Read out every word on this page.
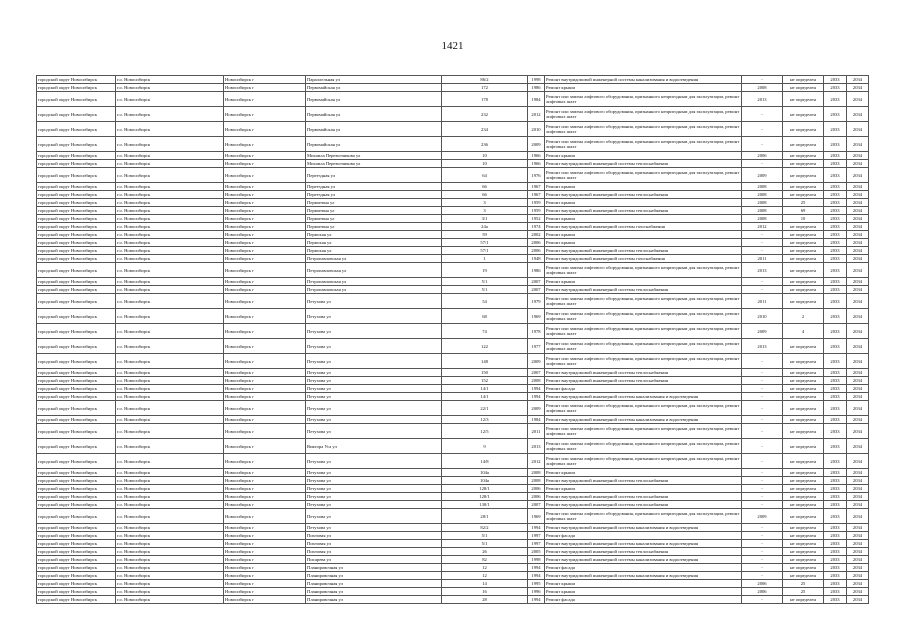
1421
городской округ Новосибирск	г.о. Новосибирск	Новосибирск г	Параллельная ул	86/2	1998	Ремонт внутридомовой инженерной системы канализования и водоотведения	-	не определен	2033	2034
городской округ Новосибирск	г.о. Новосибирск	Новосибирск г	Первомайская ул	172	1986	Ремонт крыши	2008	не определен	2033	2034
городской округ Новосибирск	г.о. Новосибирск	Новосибирск г	Первомайская ул	178	1984	Ремонт или замена лифтового оборудования, признанного непригодным для эксплуатации, ремонт лифтовых шахт	2013	не определен	2033	2034
городской округ Новосибирск	г.о. Новосибирск	Новосибирск г	Первомайская ул	232	2012	Ремонт или замена лифтового оборудования, признанного непригодным для эксплуатации, ремонт лифтовых шахт	-	не определен	2033	2034
городской округ Новосибирск	г.о. Новосибирск	Новосибирск г	Первомайская ул	234	2010	Ремонт или замена лифтового оборудования, признанного непригодным для эксплуатации, ремонт лифтовых шахт	-	не определен	2033	2034
городской округ Новосибирск	г.о. Новосибирск	Новосибирск г	Первомайская ул	236	2009	Ремонт или замена лифтового оборудования, признанного непригодным для эксплуатации, ремонт лифтовых шахт	-	не определен	2033	2034
городской округ Новосибирск	г.о. Новосибирск	Новосибирск г	Михаила Перевозчикова ул	10	1966	Ремонт крыши	2006	не определен	2033	2034
городской округ Новосибирск	г.о. Новосибирск	Новосибирск г	Михаила Перевозчикова ул	10	1966	Ремонт внутридомовой инженерной системы теплоснабжения	-	не определен	2033	2034
городской округ Новосибирск	г.о. Новосибирск	Новосибирск г	Переездная ул	64	1976	Ремонт или замена лифтового оборудования, признанного непригодным для эксплуатации, ремонт лифтовых шахт	2009	не определен	2033	2034
городской округ Новосибирск	г.о. Новосибирск	Новосибирск г	Переездная ул	66	1967	Ремонт крыши	2008	не определен	2033	2034
городской округ Новосибирск	г.о. Новосибирск	Новосибирск г	Переездная ул	66	1967	Ремонт внутридомовой инженерной системы теплоснабжения	2008	не определен	2033	2034
городской округ Новосибирск	г.о. Новосибирск	Новосибирск г	Пермитина ул	3	1959	Ремонт крыши	2008	25	2033	2034
городской округ Новосибирск	г.о. Новосибирск	Новосибирск г	Пермитина ул	3	1959	Ремонт внутридомовой инженерной системы теплоснабжения	2008	69	2033	2034
городской округ Новосибирск	г.о. Новосибирск	Новосибирск г	Пермитина ул	3/1	1952	Ремонт крыши	2008	10	2033	2034
городской округ Новосибирск	г.о. Новосибирск	Новосибирск г	Пермитина ул	24а	1974	Ремонт внутридомовой инженерной системы газоснабжения	2012	не определен	2033	2034
городской округ Новосибирск	г.о. Новосибирск	Новосибирск г	Пермская ул	59	2002	Ремонт крыши	-	не определен	2033	2034
городской округ Новосибирск	г.о. Новосибирск	Новосибирск г	Пермская ул	57/1	2006	Ремонт крыши	-	не определен	2033	2034
городской округ Новосибирск	г.о. Новосибирск	Новосибирск г	Пермская ул	57/1	2006	Ремонт внутридомовой инженерной системы теплоснабжения	-	не определен	2033	2034
городской округ Новосибирск	г.о. Новосибирск	Новосибирск г	Петропавловская ул	1	1948	Ремонт внутридомовой инженерной системы газоснабжения	2011	не определен	2033	2034
городской округ Новосибирск	г.о. Новосибирск	Новосибирск г	Петропавловская ул	19	1986	Ремонт или замена лифтового оборудования, признанного непригодным для эксплуатации, ремонт лифтовых шахт	2013	не определен	2033	2034
городской округ Новосибирск	г.о. Новосибирск	Новосибирск г	Петропавловская ул	5/1	2007	Ремонт крыши	-	не определен	2033	2034
городской округ Новосибирск	г.о. Новосибирск	Новосибирск г	Петропавловская ул	5/1	2007	Ремонт внутридомовой инженерной системы теплоснабжения	-	не определен	2033	2034
городской округ Новосибирск	г.о. Новосибирск	Новосибирск г	Петухова ул	54	1979	Ремонт или замена лифтового оборудования, признанного непригодным для эксплуатации, ремонт лифтовых шахт	2011	не определен	2033	2034
городской округ Новосибирск	г.о. Новосибирск	Новосибирск г	Петухова ул	68	1969	Ремонт или замена лифтового оборудования, признанного непригодным для эксплуатации, ремонт лифтовых шахт	2010	2	2033	2034
городской округ Новосибирск	г.о. Новосибирск	Новосибирск г	Петухова ул	74	1978	Ремонт или замена лифтового оборудования, признанного непригодным для эксплуатации, ремонт лифтовых шахт	2009	4	2033	2034
городской округ Новосибирск	г.о. Новосибирск	Новосибирск г	Петухова ул	122	1977	Ремонт или замена лифтового оборудования, признанного непригодным для эксплуатации, ремонт лифтовых шахт	2013	не определен	2033	2034
городской округ Новосибирск	г.о. Новосибирск	Новосибирск г	Петухова ул	148	2009	Ремонт или замена лифтового оборудования, признанного непригодным для эксплуатации, ремонт лифтовых шахт	-	не определен	2033	2034
городской округ Новосибирск	г.о. Новосибирск	Новосибирск г	Петухова ул	150	2007	Ремонт внутридомовой инженерной системы теплоснабжения	-	не определен	2033	2034
городской округ Новосибирск	г.о. Новосибирск	Новосибирск г	Петухова ул	152	2008	Ремонт внутридомовой инженерной системы теплоснабжения	-	не определен	2033	2034
городской округ Новосибирск	г.о. Новосибирск	Новосибирск г	Петухова ул	14/1	1994	Ремонт фасада	-	не определен	2033	2034
городской округ Новосибирск	г.о. Новосибирск	Новосибирск г	Петухова ул	14/1	1994	Ремонт внутридомовой инженерной системы канализования и водоотведения	-	не определен	2033	2034
городской округ Новосибирск	г.о. Новосибирск	Новосибирск г	Петухова ул	22/1	2009	Ремонт или замена лифтового оборудования, признанного непригодным для эксплуатации, ремонт лифтовых шахт	-	не определен	2033	2034
городской округ Новосибирск	г.о. Новосибирск	Новосибирск г	Петухова ул	12/3	1984	Ремонт внутридомовой инженерной системы канализования и водоотведения	-	не определен	2033	2034
городской округ Новосибирск	г.о. Новосибирск	Новосибирск г	Петухова ул	12/5	2011	Ремонт или замена лифтового оборудования, признанного непригодным для эксплуатации, ремонт лифтовых шахт	-	не определен	2033	2034
городской округ Новосибирск	г.о. Новосибирск	Новосибирск г	Виктора Уса ул	9	2013	Ремонт или замена лифтового оборудования, признанного непригодным для эксплуатации, ремонт лифтовых шахт	-	не определен	2033	2034
городской округ Новосибирск	г.о. Новосибирск	Новосибирск г	Петухова ул	14/8	2012	Ремонт или замена лифтового оборудования, признанного непригодным для эксплуатации, ремонт лифтовых шахт	-	не определен	2033	2034
городской округ Новосибирск	г.о. Новосибирск	Новосибирск г	Петухова ул	104а	2008	Ремонт крыши	-	не определен	2033	2034
городской округ Новосибирск	г.о. Новосибирск	Новосибирск г	Петухова ул	104а	2008	Ремонт внутридомовой инженерной системы теплоснабжения	-	не определен	2033	2034
городской округ Новосибирск	г.о. Новосибирск	Новосибирск г	Петухова ул	128/1	2006	Ремонт крыши	-	не определен	2033	2034
городской округ Новосибирск	г.о. Новосибирск	Новосибирск г	Петухова ул	128/1	2006	Ремонт внутридомовой инженерной системы теплоснабжения	-	не определен	2033	2034
городской округ Новосибирск	г.о. Новосибирск	Новосибирск г	Петухова ул	130/1	2007	Ремонт внутридомовой инженерной системы теплоснабжения	-	не определен	2033	2034
городской округ Новосибирск	г.о. Новосибирск	Новосибирск г	Петухова ул	28/1	1969	Ремонт или замена лифтового оборудования, признанного непригодным для эксплуатации, ремонт лифтовых шахт	2009	не определен	2033	2034
городской округ Новосибирск	г.о. Новосибирск	Новосибирск г	Петухова ул	82/2	1994	Ремонт внутридомовой инженерной системы канализования и водоотведения	-	не определен	2033	2034
городской округ Новосибирск	г.о. Новосибирск	Новосибирск г	Пихтовая ул	5/1	1997	Ремонт фасада	-	не определен	2033	2034
городской округ Новосибирск	г.о. Новосибирск	Новосибирск г	Пихтовая ул	5/1	1997	Ремонт внутридомовой инженерной системы канализования и водоотведения	-	не определен	2033	2034
городской округ Новосибирск	г.о. Новосибирск	Новосибирск г	Пихтовая ул	26	2005	Ремонт внутридомовой инженерной системы теплоснабжения	-	не определен	2033	2034
городской округ Новосибирск	г.о. Новосибирск	Новосибирск г	Писарева ул	82	1998	Ремонт внутридомовой инженерной системы канализования и водоотведения	-	не определен	2033	2034
городской округ Новосибирск	г.о. Новосибирск	Новосибирск г	Планировочная ул	12	1994	Ремонт фасада	-	не определен	2033	2034
городской округ Новосибирск	г.о. Новосибирск	Новосибирск г	Планировочная ул	12	1994	Ремонт внутридомовой инженерной системы канализования и водоотведения	-	не определен	2033	2034
городской округ Новосибирск	г.о. Новосибирск	Новосибирск г	Планировочная ул	14	1995	Ремонт крыши	2006	25	2033	2034
городской округ Новосибирск	г.о. Новосибирск	Новосибирск г	Планировочная ул	16	1996	Ремонт крыши	2006	25	2033	2034
городской округ Новосибирск	г.о. Новосибирск	Новосибирск г	Планировочная ул	28	1994	Ремонт фасада	-	не определен	2033	2034
